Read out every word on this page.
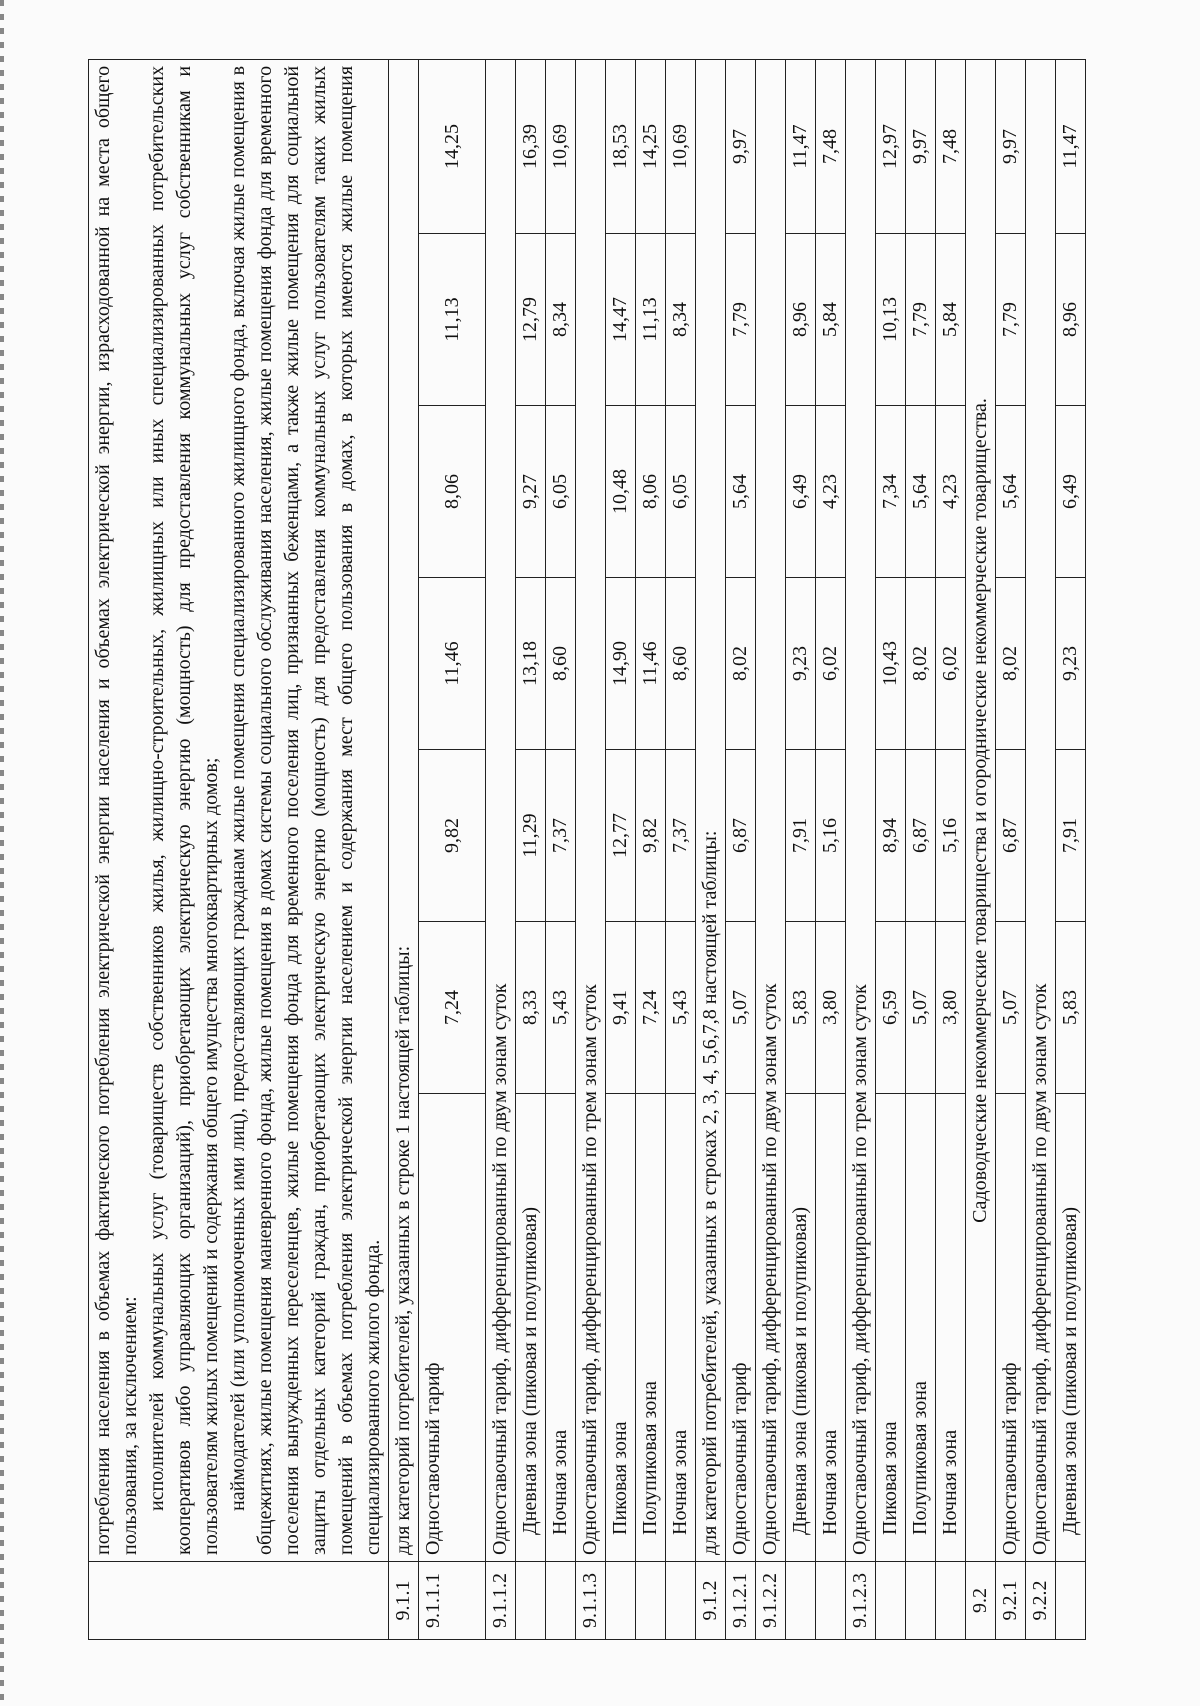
	потребления населения в объемах фактического потребления электрической энергии населения и объемах электрической энергии, израсходованной на места общего пользования, за исключением: исполнителей коммунальных услуг (товариществ собственников жилья, жилищно-строительных, жилищных или иных специализированных потребительских кооперативов либо управляющих организаций), приобретающих электрическую энергию (мощность) для предоставления коммунальных услуг собственникам и пользователям жилых помещений и содержания общего имущества многоквартирных домов; наймодателей (или уполномоченных ими лиц), предоставляющих гражданам жилые помещения специализированного жилищного фонда, включая жилые помещения в общежитиях, жилые помещения маневренного фонда, жилые помещения в домах системы социального обслуживания населения, жилые помещения фонда для временного поселения вынужденных переселенцев, жилые помещения фонда для временного поселения лиц, признанных беженцами, а также жилые помещения для социальной защиты отдельных категорий граждан, приобретающих электрическую энергию (мощность) для предоставления коммунальных услуг пользователям таких жилых помещений в объемах потребления электрической энергии населением и содержания мест общего пользования в домах, в которых имеются жилые помещения специализированного жилого фонда.						

9.1.1	для категорий потребителей, указанных в строке 1 настоящей таблицы:						
9.1.1.1	Одноставочный тариф	7,24	9,82	11,46	8,06	11,13	14,25
9.1.1.2	Одноставочный тариф, дифференцированный по двум зонам суток						
	Дневная зона (пиковая и полупиковая)	8,33	11,29	13,18	9,27	12,79	16,39
	Ночная зона	5,43	7,37	8,60	6,05	8,34	10,69
9.1.1.3	Одноставочный тариф, дифференцированный по трем зонам суток						
	Пиковая зона	9,41	12,77	14,90	10,48	14,47	18,53
	Полупиковая зона	7,24	9,82	11,46	8,06	11,13	14,25
	Ночная зона	5,43	7,37	8,60	6,05	8,34	10,69
9.1.2	для категорий потребителей, указанных в строках 2, 3, 4, 5,6,7,8 настоящей таблицы:						
9.1.2.1	Одноставочный тариф	5,07	6,87	8,02	5,64	7,79	9,97
9.1.2.2	Одноставочный тариф, дифференцированный по двум зонам суток						
	Дневная зона (пиковая и полупиковая)	5,83	7,91	9,23	6,49	8,96	11,47
	Ночная зона	3,80	5,16	6,02	4,23	5,84	7,48
9.1.2.3	Одноставочный тариф, дифференцированный по трем зонам суток						
	Пиковая зона	6,59	8,94	10,43	7,34	10,13	12,97
	Полупиковая зона	5,07	6,87	8,02	5,64	7,79	9,97
	Ночная зона	3,80	5,16	6,02	4,23	5,84	7,48
9.2	Садоводческие некоммерческие товарищества и огороднические некоммерческие товарищества.						
9.2.1	Одноставочный тариф	5,07	6,87	8,02	5,64	7,79	9,97
9.2.2	Одноставочный тариф, дифференцированный по двум зонам суток						
	Дневная зона (пиковая и полупиковая)	5,83	7,91	9,23	6,49	8,96	11,47
